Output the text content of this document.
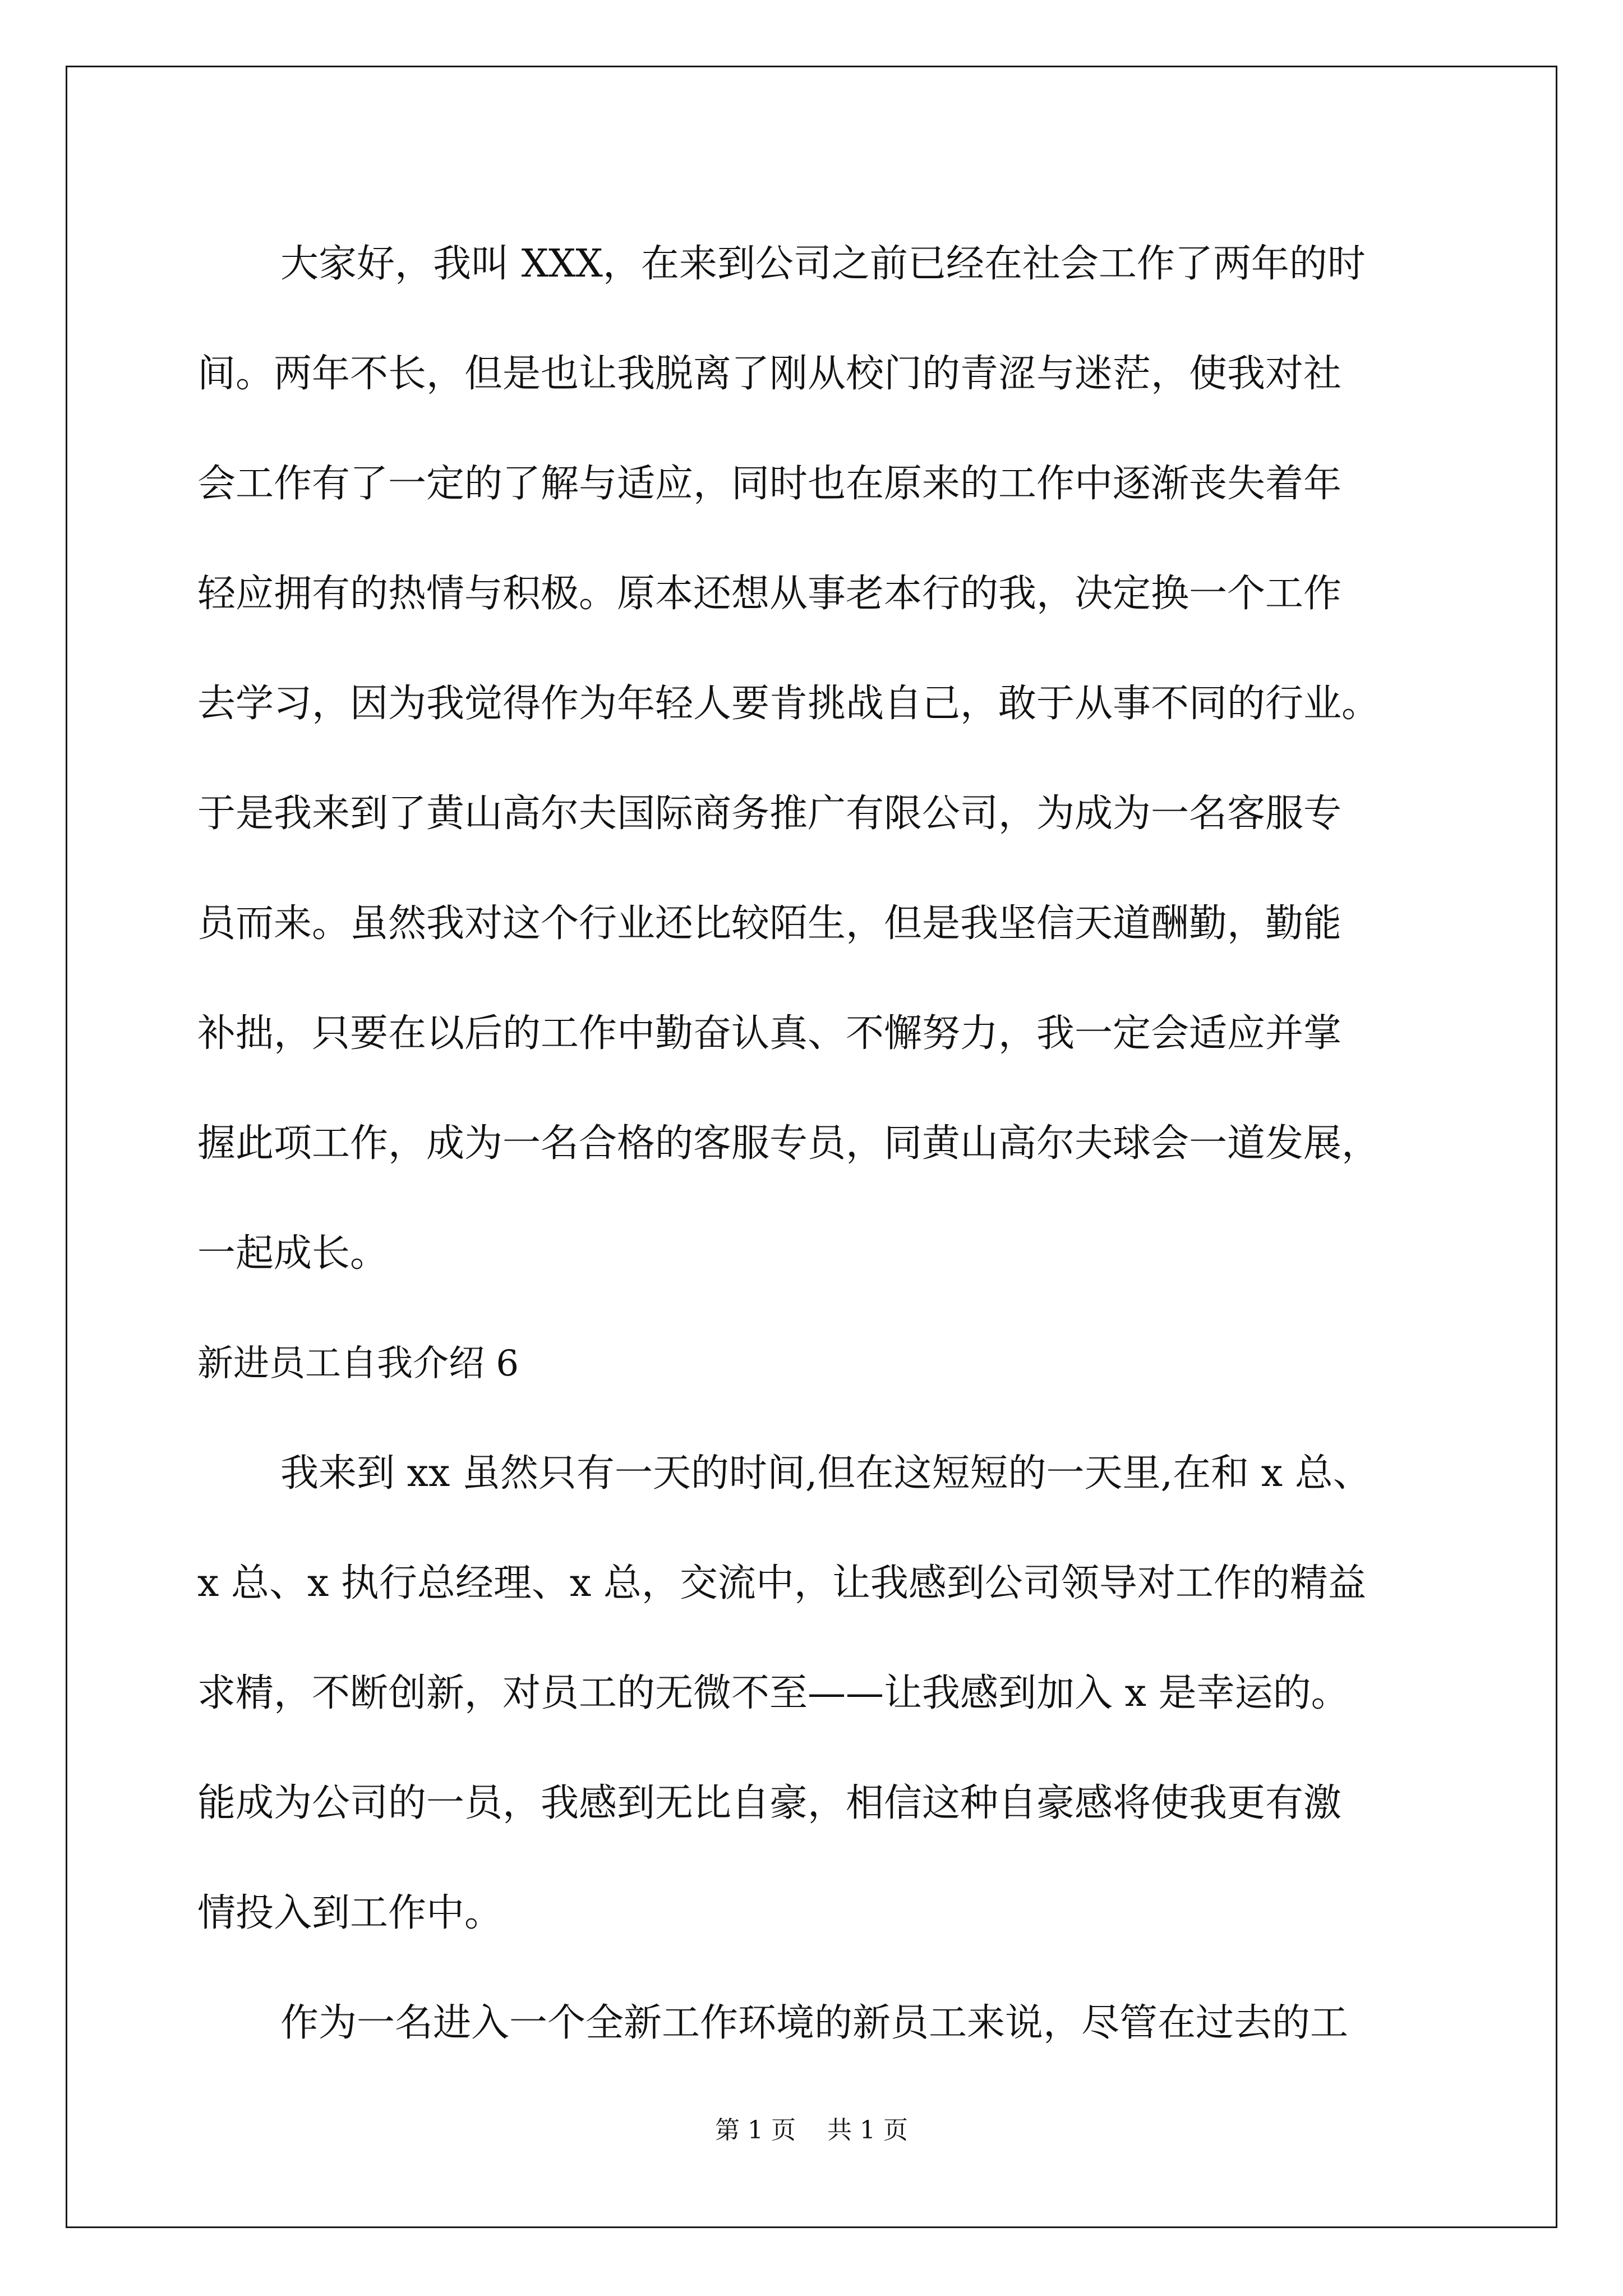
大家好，我叫 XXX，在来到公司之前已经在社会工作了两年的时
间。两年不长，但是也让我脱离了刚从校门的青涩与迷茫，使我对社
会工作有了一定的了解与适应，同时也在原来的工作中逐渐丧失着年
轻应拥有的热情与积极。原本还想从事老本行的我，决定换一个工作
去学习，因为我觉得作为年轻人要肯挑战自己，敢于从事不同的行业。
于是我来到了黄山高尔夫国际商务推广有限公司，为成为一名客服专
员而来。虽然我对这个行业还比较陌生，但是我坚信天道酬勤，勤能
补拙，只要在以后的工作中勤奋认真、不懈努力，我一定会适应并掌
握此项工作，成为一名合格的客服专员，同黄山高尔夫球会一道发展，
一起成长。
新进员工自我介绍 6
我来到 xx 虽然只有一天的时间,但在这短短的一天里,在和 x 总、
x 总、x 执行总经理、x 总，交流中，让我感到公司领导对工作的精益
求精，不断创新，对员工的无微不至——让我感到加入 x 是幸运的。
能成为公司的一员，我感到无比自豪，相信这种自豪感将使我更有激
情投入到工作中。
作为一名进入一个全新工作环境的新员工来说，尽管在过去的工
第 1 页 共 1 页
